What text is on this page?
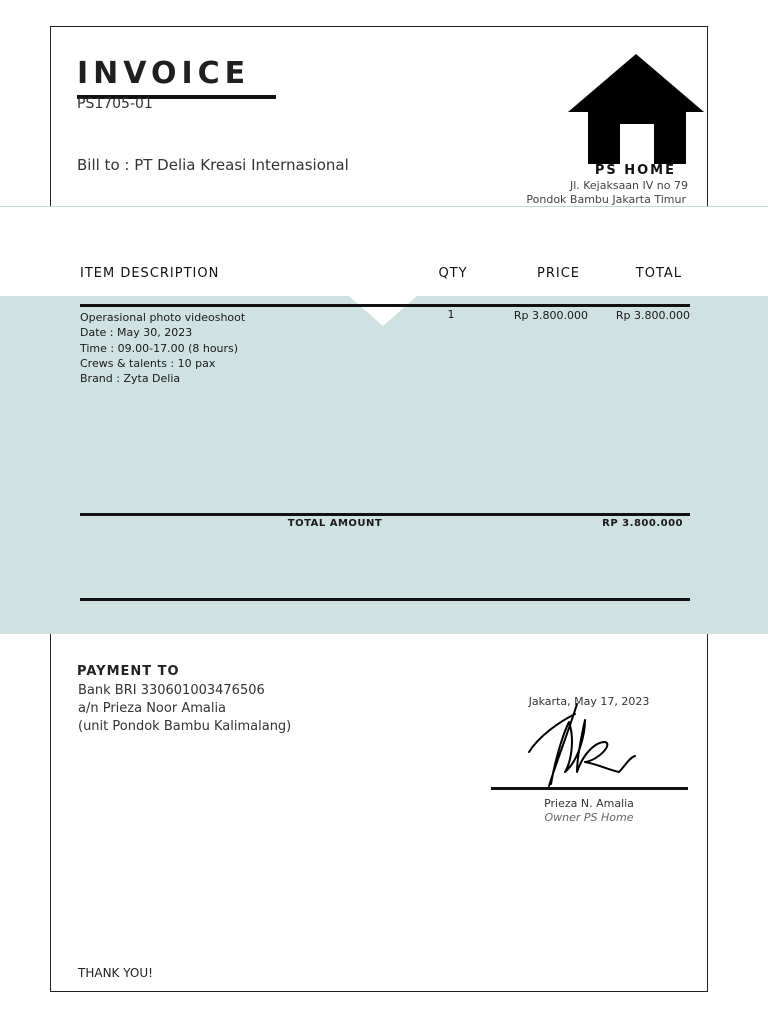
INVOICE
PS1705-01
Bill to : PT Delia Kreasi Internasional	PS HOME
Jl. Kejaksaan IV no 79
Pondok Bambu Jakarta Timur
ITEM DESCRIPTION	QTY	PRICE	TOTAL
Operasional photo videoshoot
Date : May 30, 2023
Time : 09.00-17.00 (8 hours)
Crews & talents : 10 pax
Brand : Zyta Delia
1	Rp 3.800.000	Rp 3.800.000
TOTAL AMOUNT	RP 3.800.000
PAYMENT TO
Bank BRI 330601003476506
a/n Prieza Noor Amalia
(unit Pondok Bambu Kalimalang)
Jakarta, May 17, 2023
Prieza N. Amalia
Owner PS Home
THANK YOU!
